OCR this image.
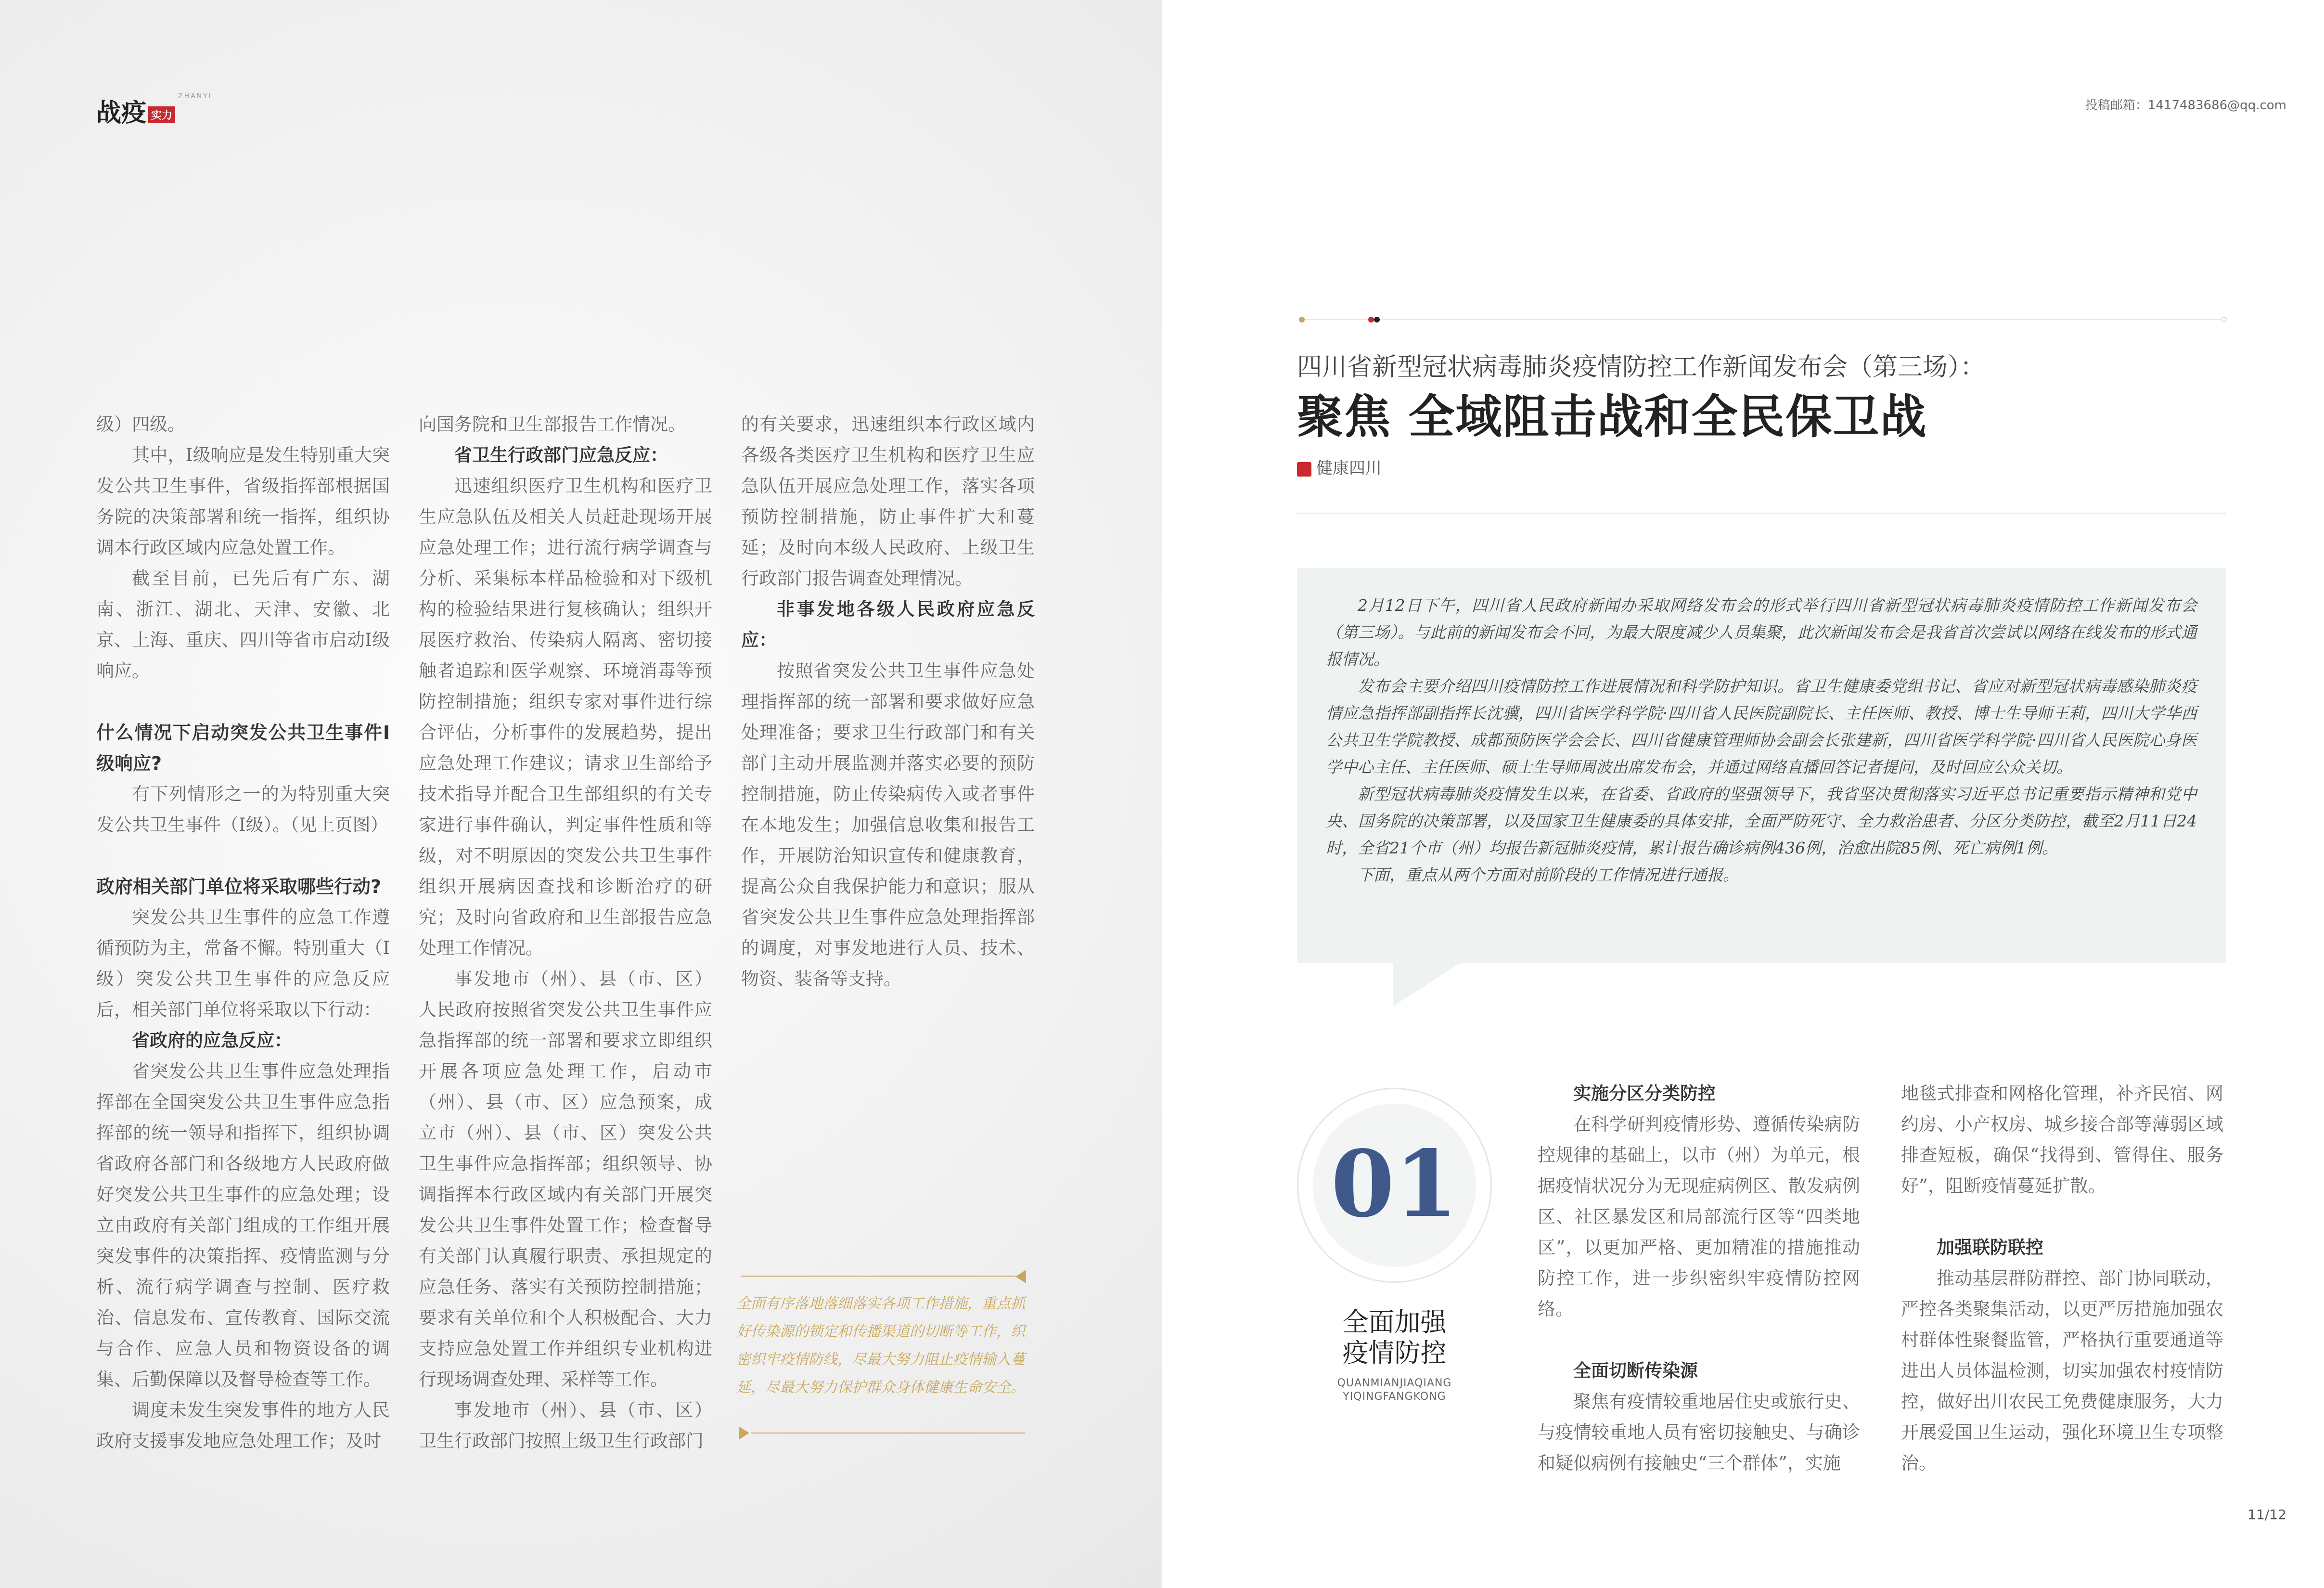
战疫 实力$^{ZHANYI}$

级）四级。

其中，Ⅰ级响应是发生特别重大突发公共卫生事件，省级指挥部根据国务院的决策部署和统一指挥，组织协调本行政区域内应急处置工作。

截至目前，已先后有广东、湖南、浙江、湖北、天津、安徽、北京、上海、重庆、四川等省市启动Ⅰ级响应。

什么情况下启动突发公共卫生事件Ⅰ级响应?

有下列情形之一的为特别重大突发公共卫生事件（Ⅰ级）。（见上页图）

政府相关部门单位将采取哪些行动?

突发公共卫生事件的应急工作遵循预防为主，常备不懈。特别重大（Ⅰ级）突发公共卫生事件的应急反应后，相关部门单位将采取以下行动：

省政府的应急反应：

省突发公共卫生事件应急处理指挥部在全国突发公共卫生事件应急指挥部的统一领导和指挥下，组织协调省政府各部门和各级地方人民政府做好突发公共卫生事件的应急处理；设立由政府有关部门组成的工作组开展突发事件的决策指挥、疫情监测与分析、流行病学调查与控制、医疗救治、信息发布、宣传教育、国际交流与合作、应急人员和物资设备的调集、后勤保障以及督导检查等工作。

调度未发生突发事件的地方人民政府支援事发地应急处理工作；及时

向国务院和卫生部报告工作情况。

省卫生行政部门应急反应：

迅速组织医疗卫生机构和医疗卫生应急队伍及相关人员赶赴现场开展应急处理工作；进行流行病学调查与分析、采集标本样品检验和对下级机构的检验结果进行复核确认；组织开展医疗救治、传染病人隔离、密切接触者追踪和医学观察、环境消毒等预防控制措施；组织专家对事件进行综合评估，分析事件的发展趋势，提出应急处理工作建议；请求卫生部给予技术指导并配合卫生部组织的有关专家进行事件确认，判定事件性质和等级，对不明原因的突发公共卫生事件组织开展病因查找和诊断治疗的研究；及时向省政府和卫生部报告应急处理工作情况。

事发地市（州）、县（市、区）人民政府按照省突发公共卫生事件应急指挥部的统一部署和要求立即组织开展各项应急处理工作，启动市（州）、县（市、区）应急预案，成立市（州）、县（市、区）突发公共卫生事件应急指挥部；组织领导、协调指挥本行政区域内有关部门开展突发公共卫生事件处置工作；检查督导有关部门认真履行职责、承担规定的应急任务、落实有关预防控制措施；要求有关单位和个人积极配合、大力支持应急处置工作并组织专业机构进行现场调查处理、采样等工作。

事发地市（州）、县（市、区）卫生行政部门按照上级卫生行政部门

的有关要求，迅速组织本行政区域内各级各类医疗卫生机构和医疗卫生应急队伍开展应急处理工作，落实各项预防控制措施，防止事件扩大和蔓延；及时向本级人民政府、上级卫生行政部门报告调查处理情况。

非事发地各级人民政府应急反应：

按照省突发公共卫生事件应急处理指挥部的统一部署和要求做好应急处理准备；要求卫生行政部门和有关部门主动开展监测并落实必要的预防控制措施，防止传染病传入或者事件在本地发生；加强信息收集和报告工作，开展防治知识宣传和健康教育，提高公众自我保护能力和意识；服从省突发公共卫生事件应急处理指挥部的调度，对事发地进行人员、技术、物资、装备等支持。

全面有序落地落细落实各项工作措施，重点抓好传染源的锁定和传播渠道的切断等工作，织密织牢疫情防线，尽最大努力阻止疫情输入蔓延，尽最大努力保护群众身体健康生命安全。
投稿邮箱：1417483686@qq.com
四川省新型冠状病毒肺炎疫情防控工作新闻发布会（第三场）：
聚焦 全域阻击战和全民保卫战
健康四川

2月12日下午，四川省人民政府新闻办采取网络发布会的形式举行四川省新型冠状病毒肺炎疫情防控工作新闻发布会（第三场）。与此前的新闻发布会不同，为最大限度减少人员集聚，此次新闻发布会是我省首次尝试以网络在线发布的形式通报情况。

发布会主要介绍四川疫情防控工作进展情况和科学防护知识。省卫生健康委党组书记、省应对新型冠状病毒感染肺炎疫情应急指挥部副指挥长沈骥，四川省医学科学院·四川省人民医院副院长、主任医师、教授、博士生导师王莉，四川大学华西公共卫生学院教授、成都预防医学会会长、四川省健康管理师协会副会长张建新，四川省医学科学院·四川省人民医院心身医学中心主任、主任医师、硕士生导师周波出席发布会，并通过网络直播回答记者提问，及时回应公众关切。

新型冠状病毒肺炎疫情发生以来，在省委、省政府的坚强领导下，我省坚决贯彻落实习近平总书记重要指示精神和党中央、国务院的决策部署，以及国家卫生健康委的具体安排，全面严防死守、全力救治患者、分区分类防控，截至2月11日24时，全省21个市（州）均报告新冠肺炎疫情，累计报告确诊病例436例，治愈出院85例、死亡病例1例。

下面，重点从两个方面对前阶段的工作情况进行通报。

01
全面加强
疫情防控
QUANMIANJIAQIANG
YIQINGFANGKONG

实施分区分类防控

在科学研判疫情形势、遵循传染病防控规律的基础上，以市（州）为单元，根据疫情状况分为无现症病例区、散发病例区、社区暴发区和局部流行区等“四类地区”，以更加严格、更加精准的措施推动防控工作，进一步织密织牢疫情防控网络。

全面切断传染源

聚焦有疫情较重地居住史或旅行史、与疫情较重地人员有密切接触史、与确诊和疑似病例有接触史“三个群体”，实施

地毯式排查和网格化管理，补齐民宿、网约房、小产权房、城乡接合部等薄弱区域排查短板，确保“找得到、管得住、服务好”，阻断疫情蔓延扩散。

加强联防联控

推动基层群防群控、部门协同联动，严控各类聚集活动，以更严厉措施加强农村群体性聚餐监管，严格执行重要通道等进出人员体温检测，切实加强农村疫情防控，做好出川农民工免费健康服务，大力开展爱国卫生运动，强化环境卫生专项整治。

11/12
